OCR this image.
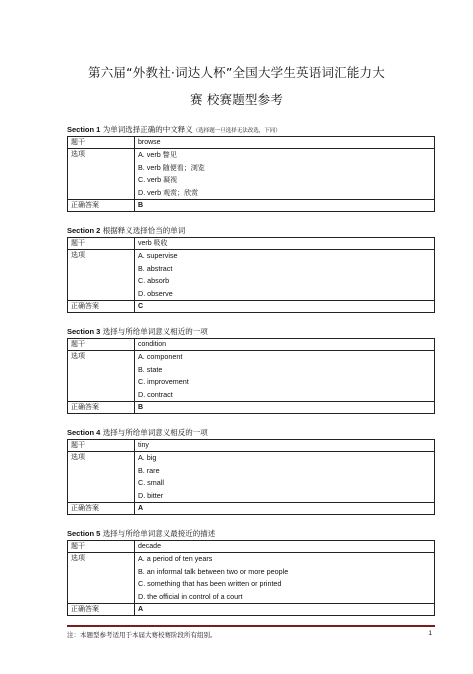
第六届“外教社·词达人杯”全国大学生英语词汇能力大
赛 校赛题型参考
Section 1 为单词选择正确的中文释义（选择题一旦选择无法改选，下同）
题干	browse
选项	A. verb 瞥见
B. verb 随便看；浏览
C. verb 凝视
D. verb 观赏；欣赏

正确答案	B
Section 2 根据释义选择恰当的单词
题干	verb 吸收
选项	A. supervise
B. abstract
C. absorb
D. observe

正确答案	C
Section 3 选择与所给单词意义相近的一项
题干	condition
选项	A. component
B. state
C. improvement
D. contract

正确答案	B
Section 4 选择与所给单词意义相反的一项
题干	tiny
选项	A. big
B. rare
C. small
D. bitter

正确答案	A
Section 5 选择与所给单词意义最接近的描述
题干	decade
选项	A. a period of ten years
B. an informal talk between two or more people
C. something that has been written or printed
D. the official in control of a court

正确答案	A
注：本题型参考适用于本届大赛校赛阶段所有组别。	1
